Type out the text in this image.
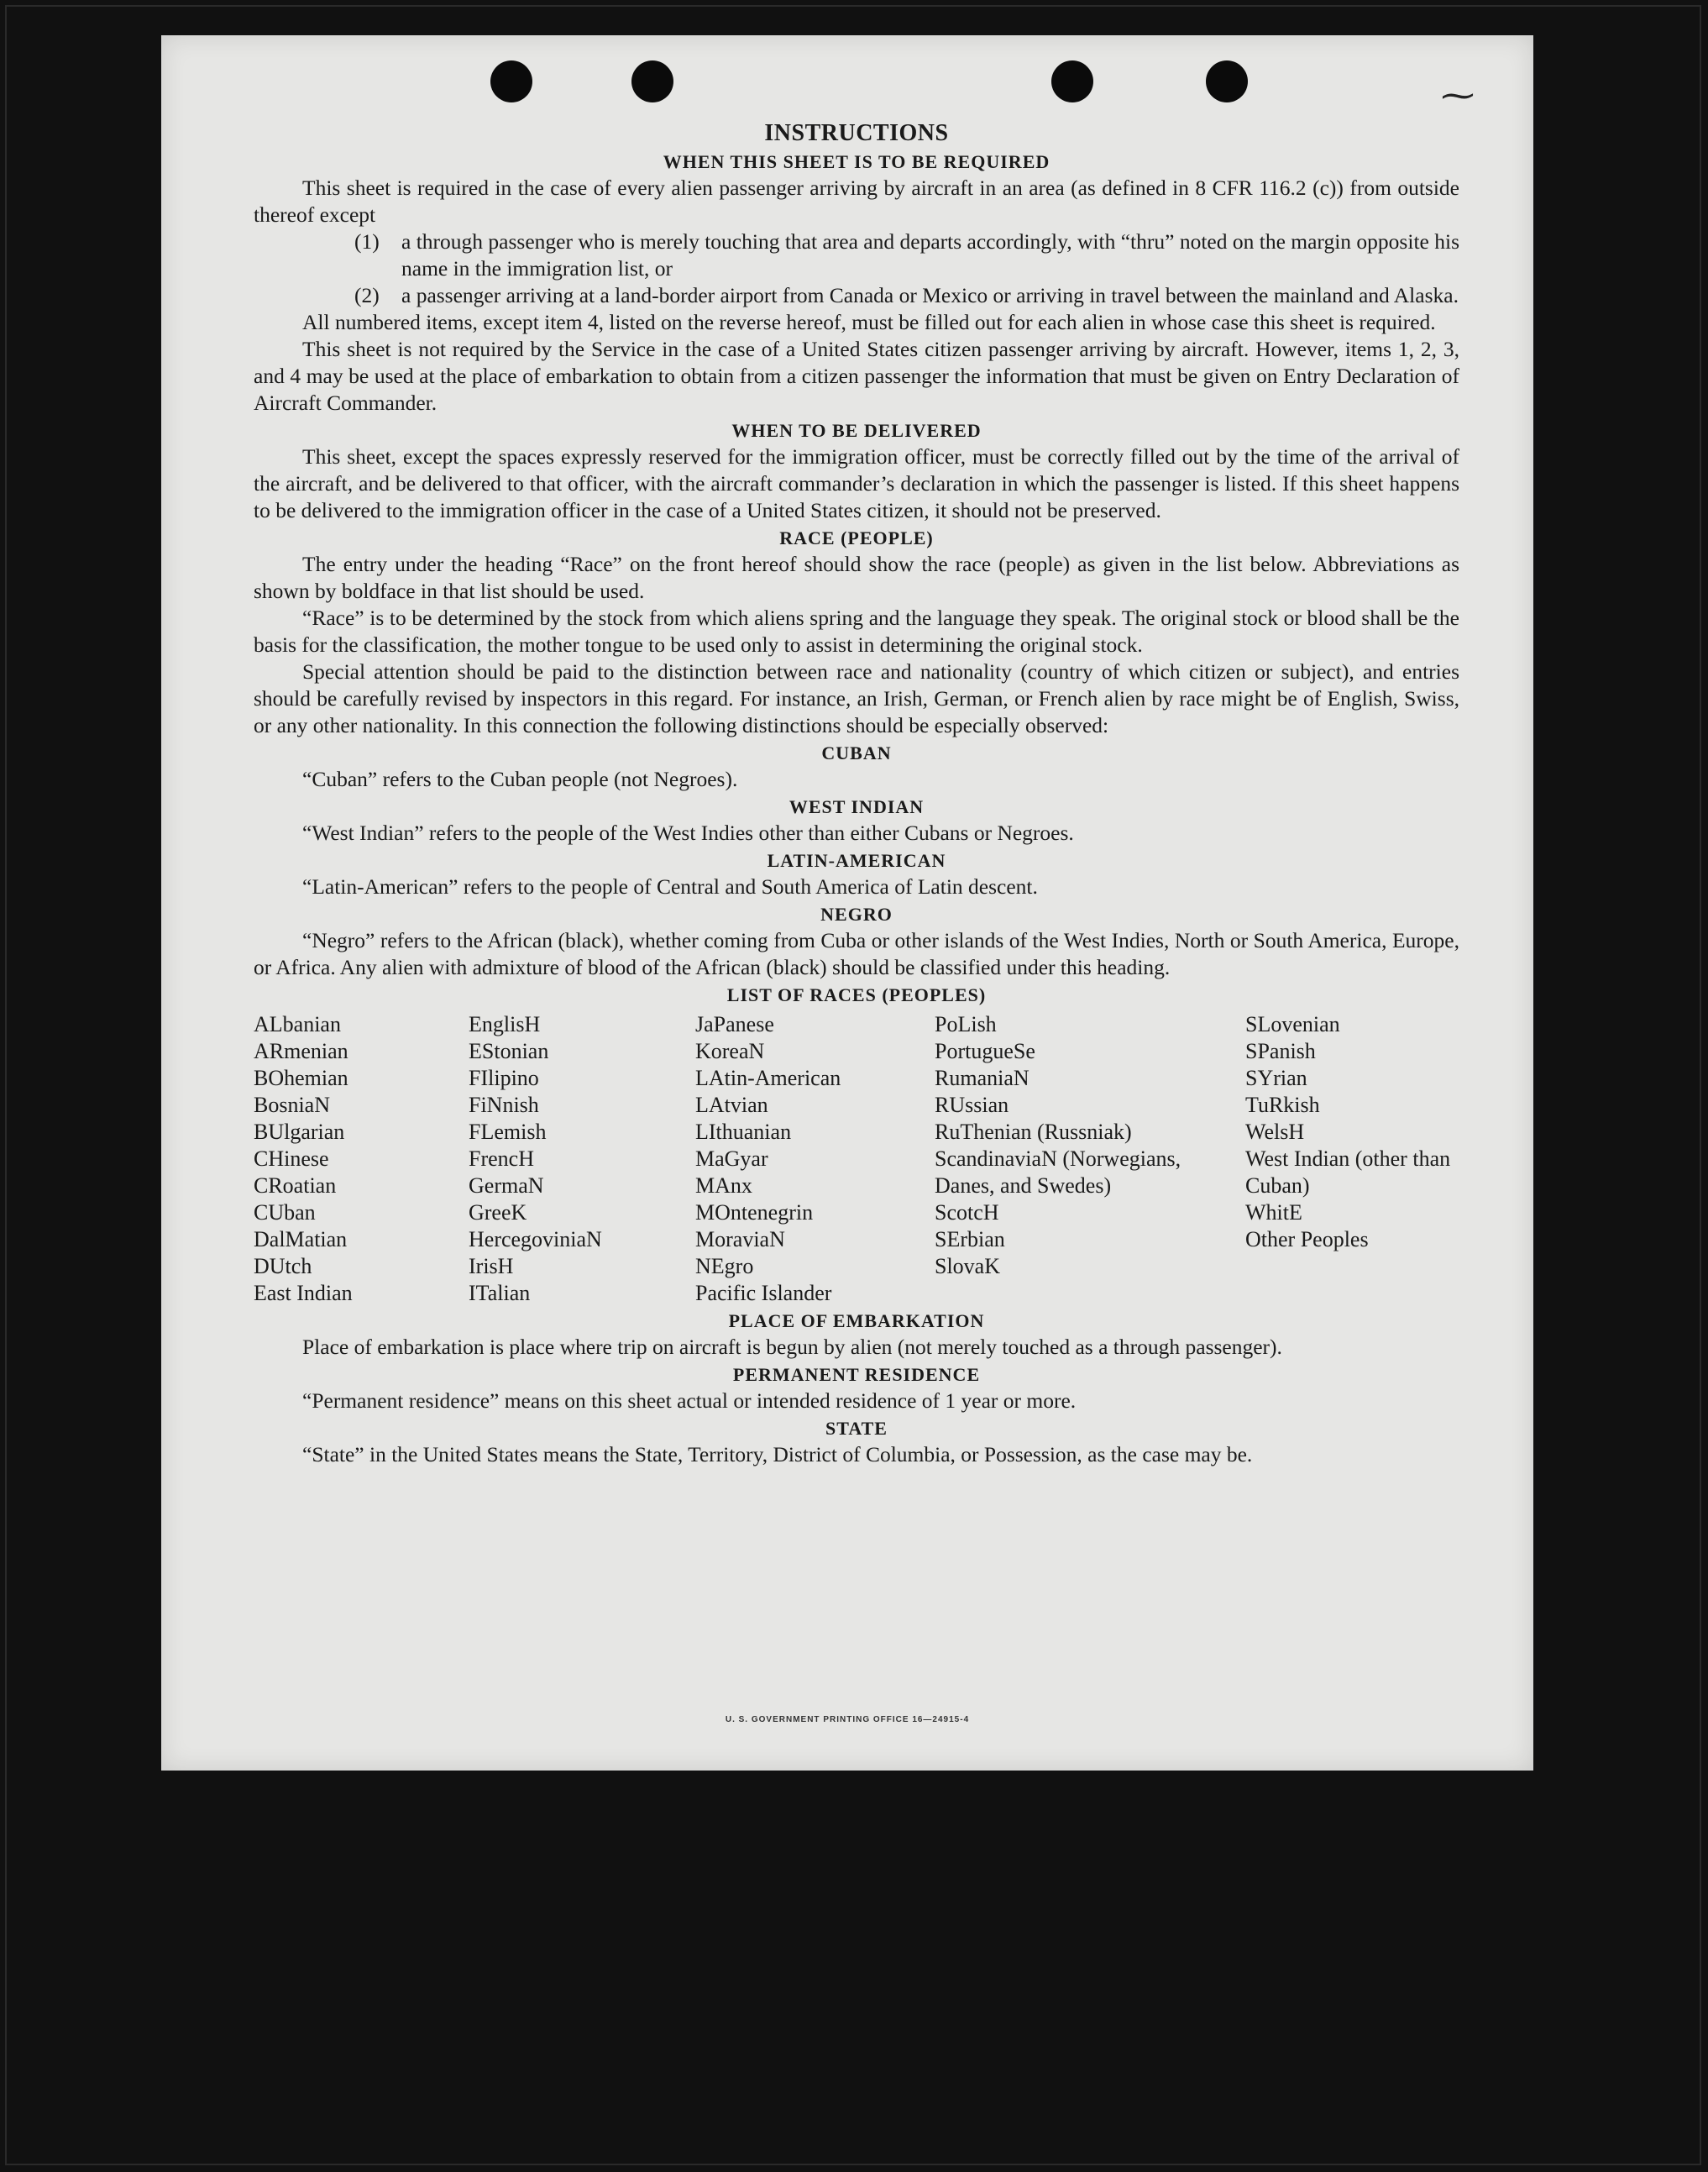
⁓
INSTRUCTIONS
WHEN THIS SHEET IS TO BE REQUIRED

This sheet is required in the case of every alien passenger arriving by aircraft in an area (as defined in 8 CFR 116.2 (c)) from outside thereof except

(1)	a through passenger who is merely touching that area and departs accordingly, with “thru” noted on the margin opposite his name in the immigration list, or
(2)	a passenger arriving at a land-border airport from Canada or Mexico or arriving in travel between the mainland and Alaska.

All numbered items, except item 4, listed on the reverse hereof, must be filled out for each alien in whose case this sheet is required.

This sheet is not required by the Service in the case of a United States citizen passenger arriving by aircraft. However, items 1, 2, 3, and 4 may be used at the place of embarkation to obtain from a citizen passenger the information that must be given on Entry Declaration of Aircraft Commander.

WHEN TO BE DELIVERED

This sheet, except the spaces expressly reserved for the immigration officer, must be correctly filled out by the time of the arrival of the aircraft, and be delivered to that officer, with the aircraft commander’s declaration in which the passenger is listed. If this sheet happens to be delivered to the immigration officer in the case of a United States citizen, it should not be preserved.

RACE (PEOPLE)

The entry under the heading “Race” on the front hereof should show the race (people) as given in the list below. Abbreviations as shown by boldface in that list should be used.

“Race” is to be determined by the stock from which aliens spring and the language they speak. The original stock or blood shall be the basis for the classification, the mother tongue to be used only to assist in determining the original stock.

Special attention should be paid to the distinction between race and nationality (country of which citizen or subject), and entries should be carefully revised by inspectors in this regard. For instance, an Irish, German, or French alien by race might be of English, Swiss, or any other nationality. In this connection the following distinctions should be especially observed:

CUBAN

“Cuban” refers to the Cuban people (not Negroes).

WEST INDIAN

“West Indian” refers to the people of the West Indies other than either Cubans or Negroes.

LATIN-AMERICAN

“Latin-American” refers to the people of Central and South America of Latin descent.

NEGRO

“Negro” refers to the African (black), whether coming from Cuba or other islands of the West Indies, North or South America, Europe, or Africa. Any alien with admixture of blood of the African (black) should be classified under this heading.

LIST OF RACES (PEOPLES)
ALbanian
ARmenian
BOhemian
BosniaN
BUlgarian
CHinese
CRoatian
CUban
DalMatian
DUtch
East Indian
EnglisH
EStonian
FIlipino
FiNnish
FLemish
FrencH
GermaN
GreeK
HercegoviniaN
IrisH
ITalian
JaPanese
KoreaN
LAtin-American
LAtvian
LIthuanian
MaGyar
MAnx
MOntenegrin
MoraviaN
NEgro
Pacific Islander
PoLish
PortugueSe
RumaniaN
RUssian
RuThenian (Russniak)
ScandinaviaN (Norwegians, Danes, and Swedes)
ScotcH
SErbian
SlovaK
SLovenian
SPanish
SYrian
TuRkish
WelsH
West Indian (other than Cuban)
WhitE
Other Peoples
PLACE OF EMBARKATION

Place of embarkation is place where trip on aircraft is begun by alien (not merely touched as a through passenger).

PERMANENT RESIDENCE

“Permanent residence” means on this sheet actual or intended residence of 1 year or more.

STATE

“State” in the United States means the State, Territory, District of Columbia, or Possession, as the case may be.

U. S. GOVERNMENT PRINTING OFFICE 16—24915-4
